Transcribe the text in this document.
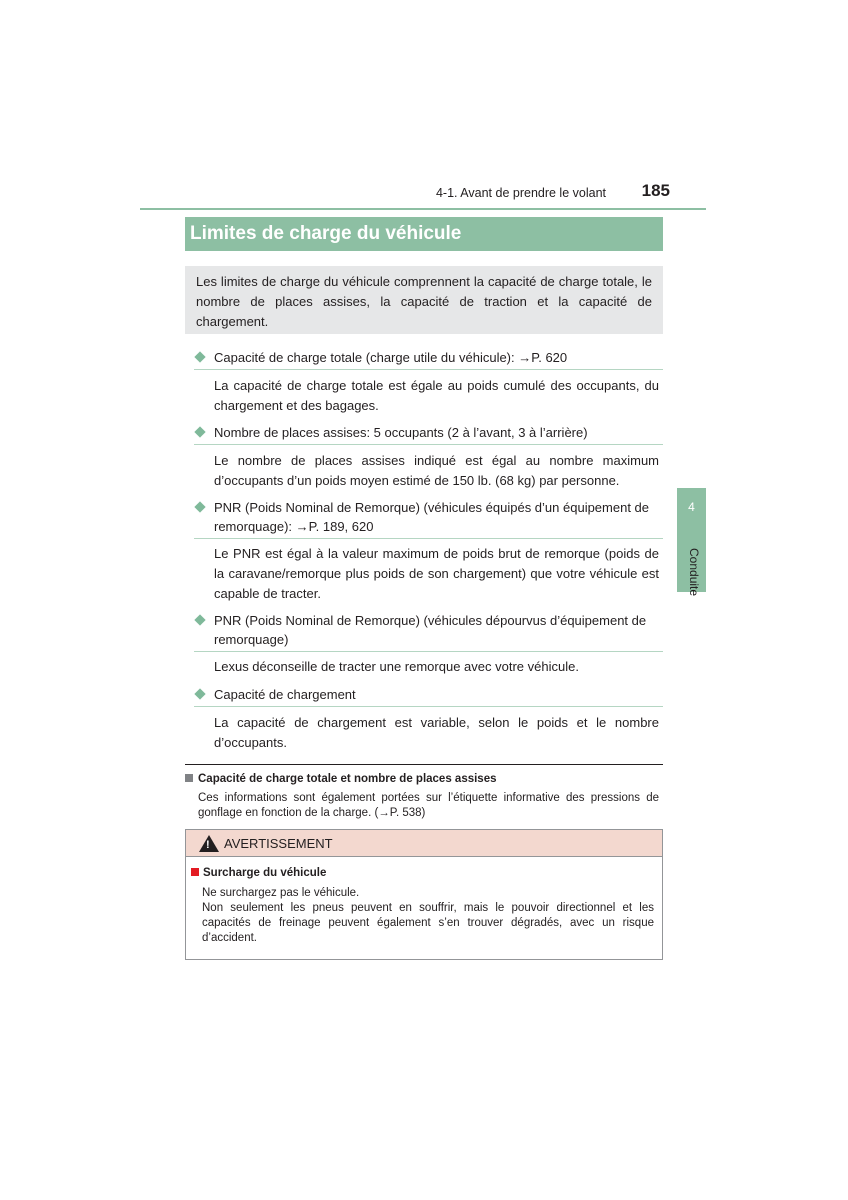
4-1. Avant de prendre le volant 185
Limites de charge du véhicule
Les limites de charge du véhicule comprennent la capacité de charge totale, le nombre de places assises, la capacité de traction et la capacité de chargement.
Capacité de charge totale (charge utile du véhicule): →P. 620
La capacité de charge totale est égale au poids cumulé des occupants, du chargement et des bagages.
Nombre de places assises: 5 occupants (2 à l’avant, 3 à l’arrière)
Le nombre de places assises indiqué est égal au nombre maximum d’occupants d’un poids moyen estimé de 150 lb. (68 kg) par personne.
PNR (Poids Nominal de Remorque) (véhicules équipés d’un équipement de remorquage): →P. 189, 620
Le PNR est égal à la valeur maximum de poids brut de remorque (poids de la caravane/remorque plus poids de son chargement) que votre véhicule est capable de tracter.
PNR (Poids Nominal de Remorque) (véhicules dépourvus d’équipement de remorquage)
Lexus déconseille de tracter une remorque avec votre véhicule.
Capacité de chargement
La capacité de chargement est variable, selon le poids et le nombre d’occupants.
4
Conduite
Capacité de charge totale et nombre de places assises
Ces informations sont également portées sur l’étiquette informative des pressions de gonflage en fonction de la charge. (→P. 538)
! AVERTISSEMENT
Surcharge du véhicule
Ne surchargez pas le véhicule.
Non seulement les pneus peuvent en souffrir, mais le pouvoir directionnel et les capacités de freinage peuvent également s’en trouver dégradés, avec un risque d’accident.
